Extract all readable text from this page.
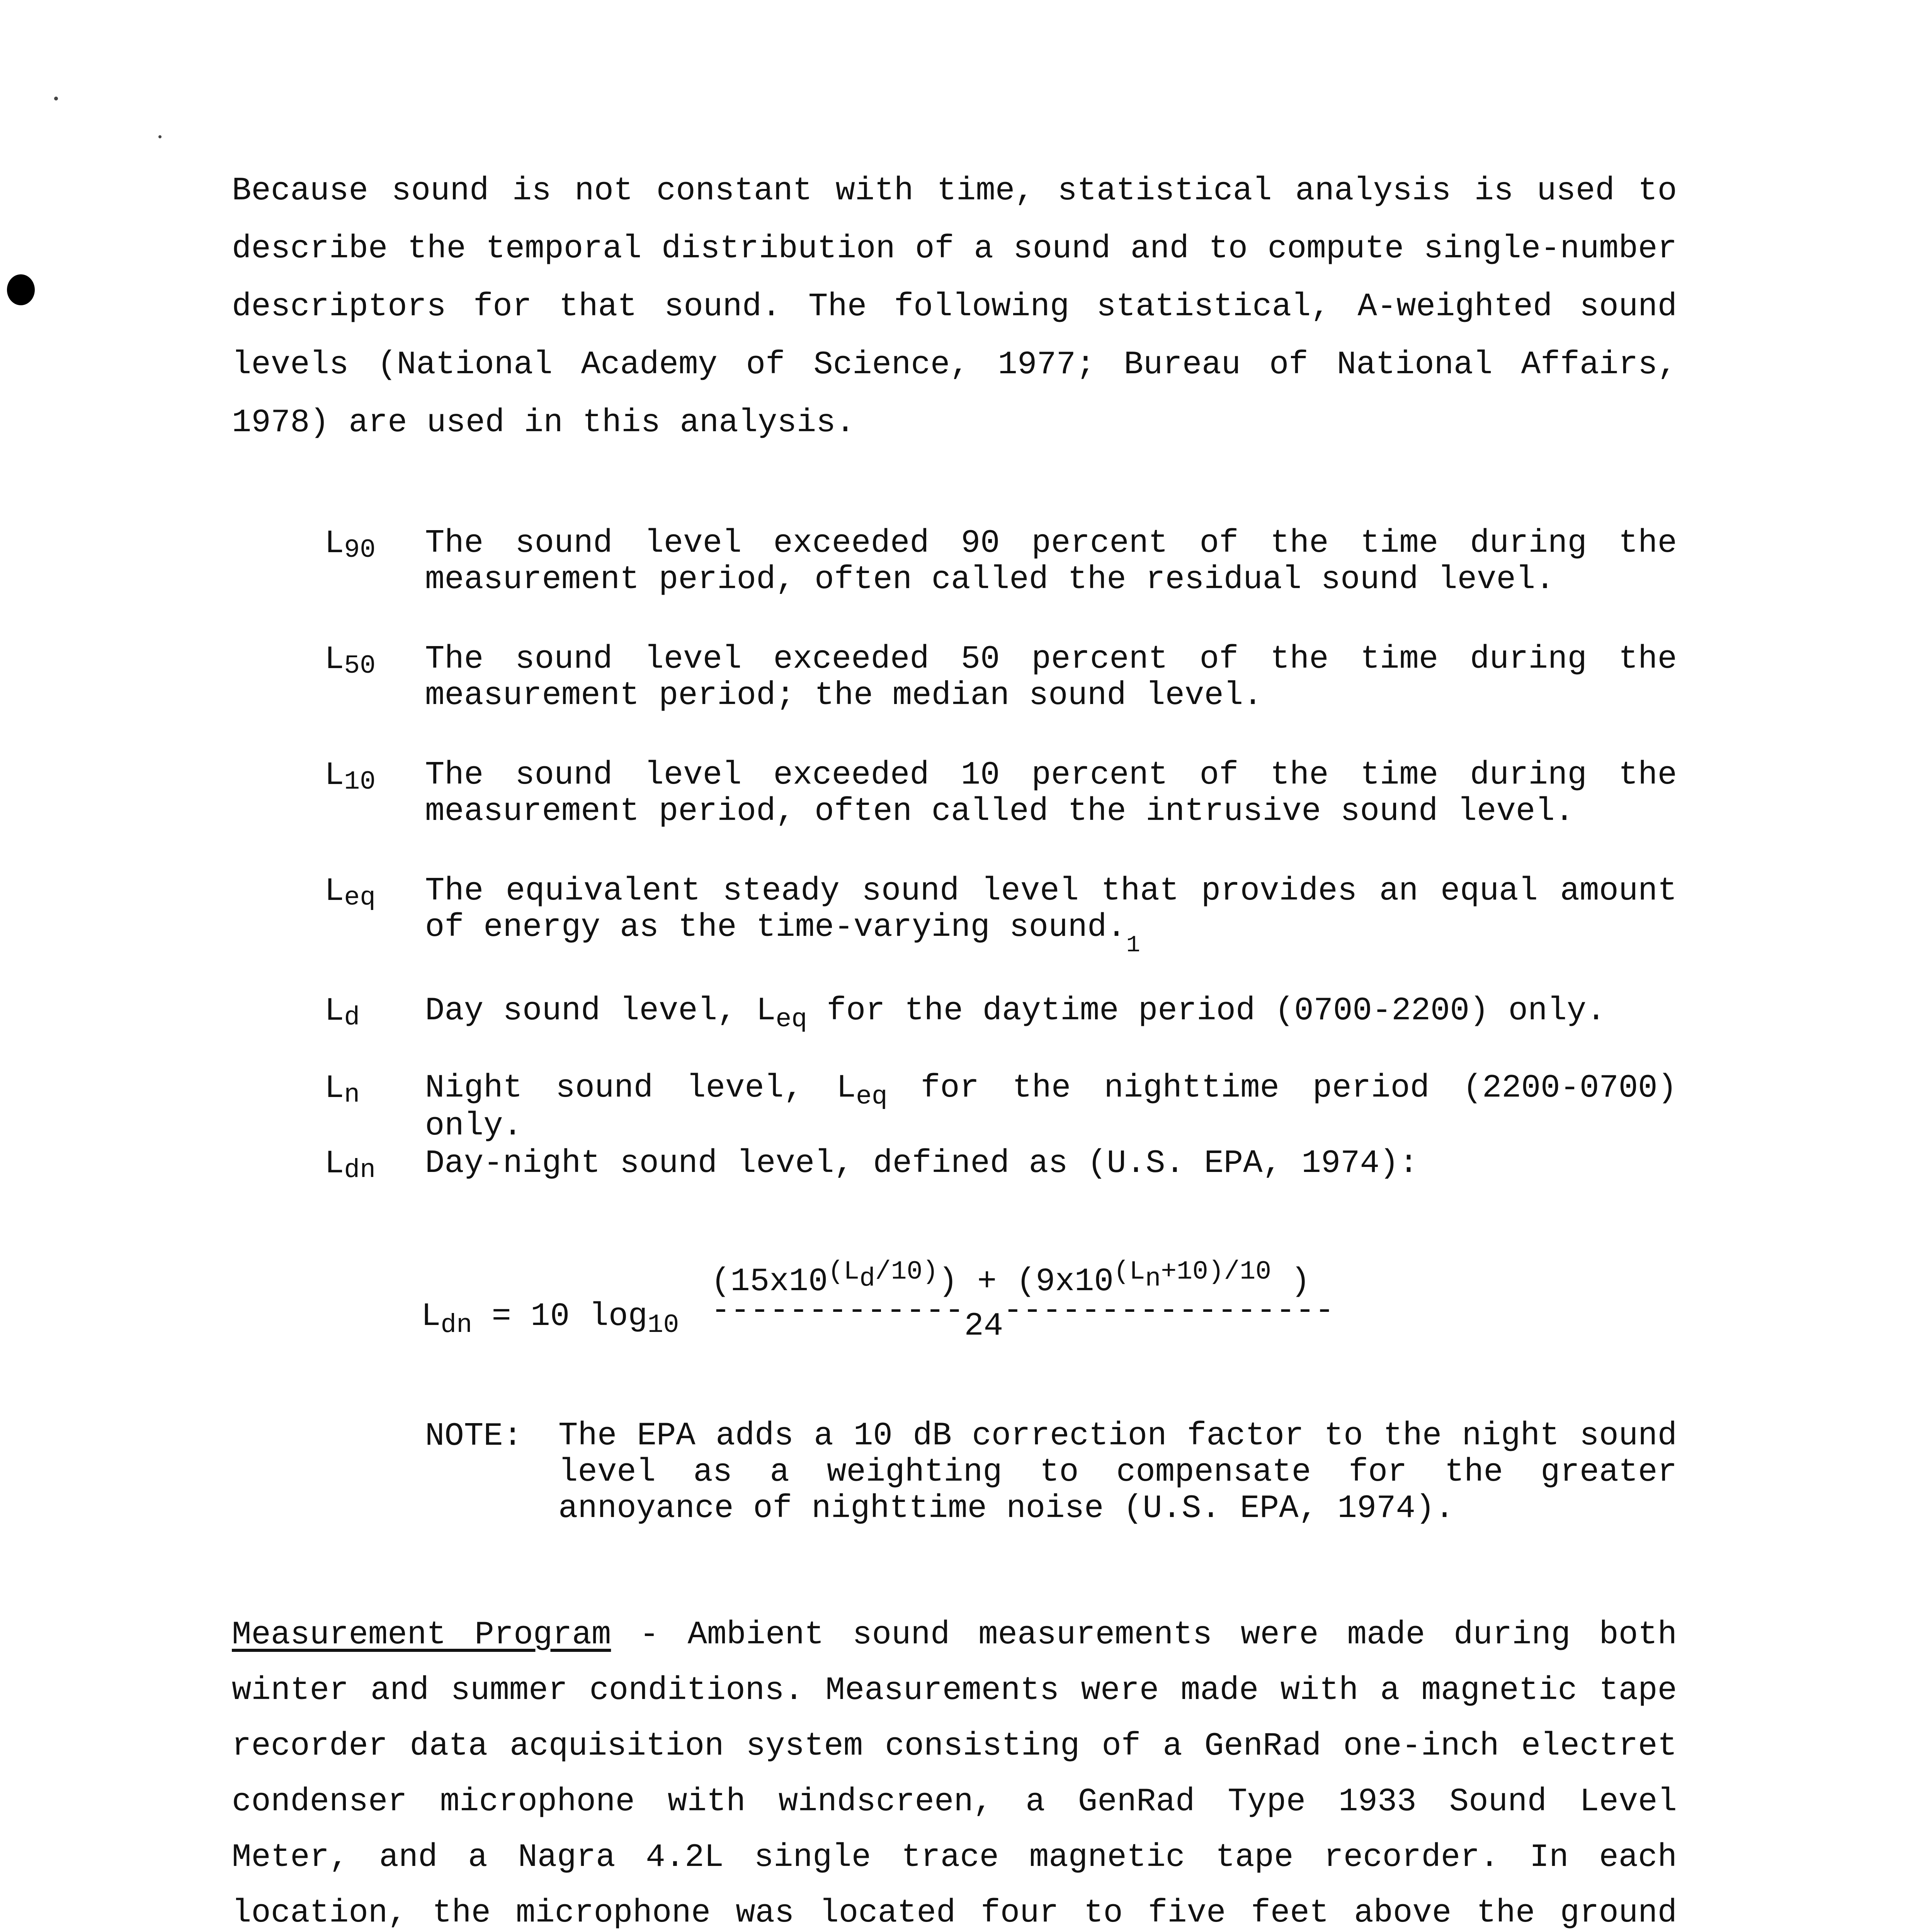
Because sound is not constant with time, statistical analysis is used to describe the temporal distribution of a sound and to compute single-number descriptors for that sound. The following statistical, A-weighted sound levels (National Academy of Science, 1977; Bureau of National Affairs, 1978) are used in this analysis.

$L_{90}$ The sound level exceeded 90 percent of the time during the measurement period, often called the residual sound level.

$L_{50}$ The sound level exceeded 50 percent of the time during the measurement period; the median sound level.

$L_{10}$ The sound level exceeded 10 percent of the time during the measurement period, often called the intrusive sound level.

$L_{eq}$ The equivalent steady sound level that provides an equal amount of energy as the time-varying sound.$^1$

$L_d$ Day sound level, $L_{eq}$ for the daytime period (0700-2200) only.

$L_n$ Night sound level, $L_{eq}$ for the nighttime period (2200-0700) only.

$L_{dn}$ Day-night sound level, defined as (U.S. EPA, 1974):

$L_{dn} = 10$ $\log_{10}$
$(15x10^{(L_d/10)}) + (9x10^{(L_n+10)/10}$ )
-------------24-----------------
NOTE: The EPA adds a 10 dB correction factor to the night sound level as a weighting to compensate for the greater annoyance of nighttime noise (U.S. EPA, 1974).

Measurement Program - Ambient sound measurements were made during both winter and summer conditions. Measurements were made with a magnetic tape recorder data acquisition system consisting of a GenRad one-inch electret condenser microphone with windscreen, a GenRad Type 1933 Sound Level Meter, and a Nagra 4.2L single trace magnetic tape recorder. In each location, the microphone was located four to five feet above the ground
